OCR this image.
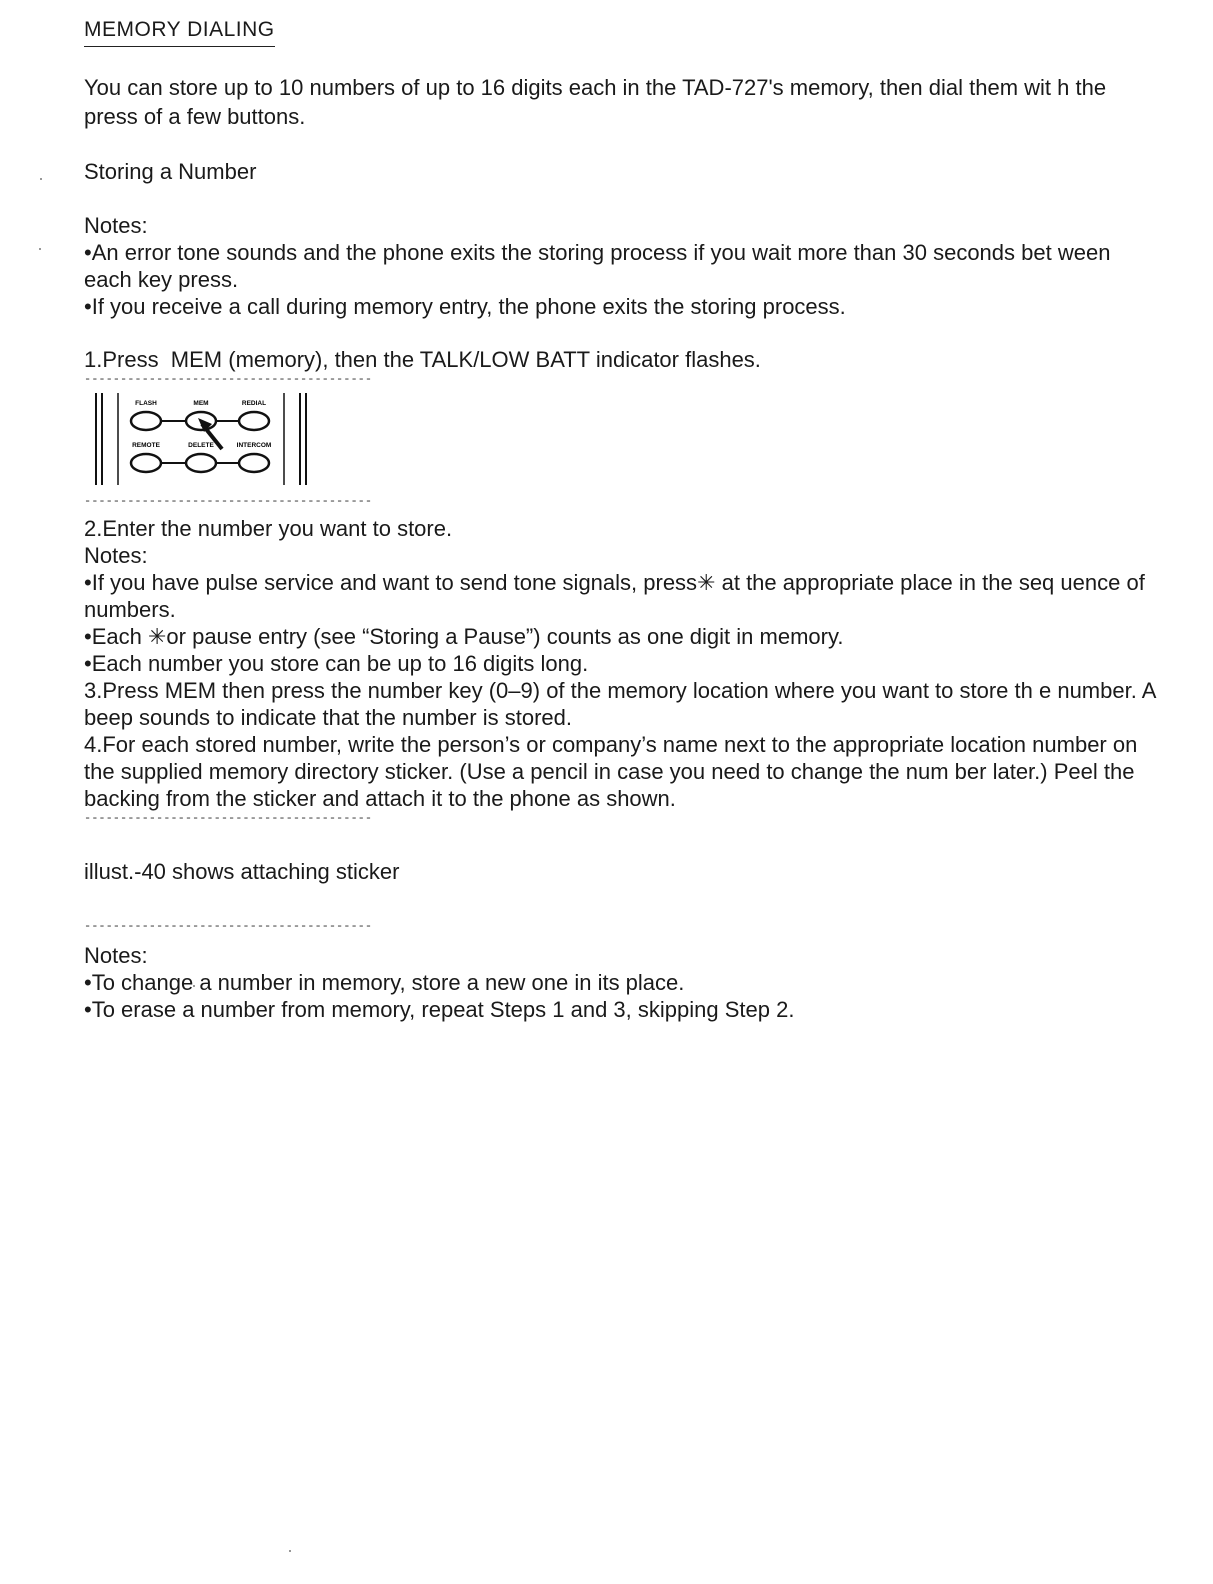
MEMORY DIALING

You can store up to 10 numbers of up to 16 digits each in the TAD-727's memory, then dial them wit h the press of a few buttons.

Storing a Number

Notes:

•An error tone sounds and the phone exits the storing process if you wait more than 30 seconds bet ween each key press.

•If you receive a call during memory entry, the phone exits the storing process.

1.Press  MEM (memory), then the TALK/LOW BATT indicator flashes.

----------------------------------------

FLASH	MEM	REDIAL
REMOTE	DELETE	INTERCOM

----------------------------------------

2.Enter the number you want to store.

Notes:

•If you have pulse service and want to send tone signals, press✳ at the appropriate place in the seq uence of numbers.

•Each ✳or pause entry (see “Storing a Pause”) counts as one digit in memory.

•Each number you store can be up to 16 digits long.

3.Press MEM then press the number key (0–9) of the memory location where you want to store th e number. A beep sounds to indicate that the number is stored.

4.For each stored number, write the person’s or company’s name next to the appropriate location number on the supplied memory directory sticker. (Use a pencil in case you need to change the num ber later.) Peel the backing from the sticker and attach it to the phone as shown.

----------------------------------------

illust.-40 shows attaching sticker

----------------------------------------

Notes:

•To change a number in memory, store a new one in its place.

•To erase a number from memory, repeat Steps 1 and 3, skipping Step 2.
